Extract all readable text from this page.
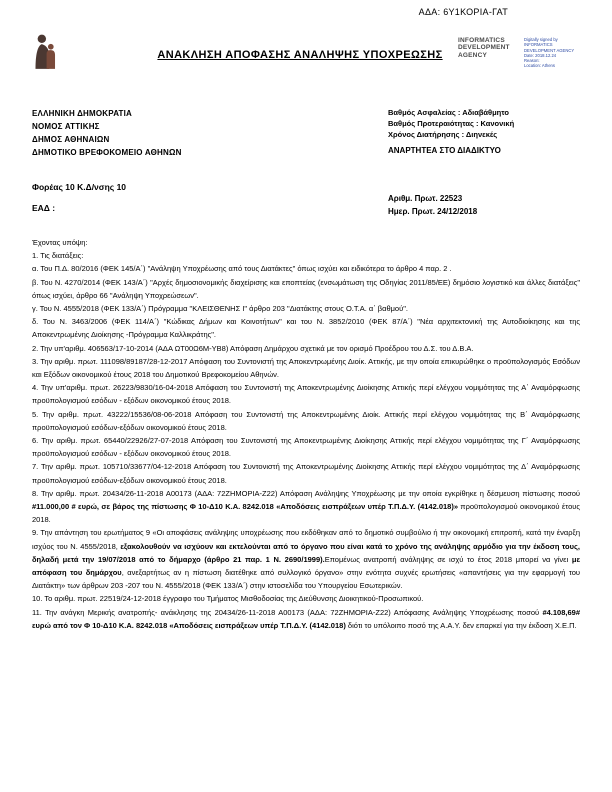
ΑΔΑ: 6Υ1ΚΟΡΙΑ-ΓΑΤ
ΑΝΑΚΛΗΣΗ ΑΠΟΦΑΣΗΣ ΑΝΑΛΗΨΗΣ ΥΠΟΧΡΕΩΣΗΣ
INFORMATICS DEVELOPMENT AGENCY
Digitally signed by
INFORMATICS
DEVELOPMENT AGENCY
Date: 2018.12.24
Reason:
Location: Athens
ΕΛΛΗΝΙΚΗ ΔΗΜΟΚΡΑΤΙΑ
ΝΟΜΟΣ ΑΤΤΙΚΗΣ
ΔΗΜΟΣ ΑΘΗΝΑΙΩΝ
ΔΗΜΟΤΙΚΟ ΒΡΕΦΟΚΟΜΕΙΟ ΑΘΗΝΩΝ
Βαθμός Ασφαλείας : Αδιαβάθμητο
Βαθμός Προτεραιότητας : Κανονική
Χρόνος Διατήρησης : Διηνεκές
ΑΝΑΡΤΗΤΕΑ ΣΤΟ ΔΙΑΔΙΚΤΥΟ
Φορέας 10 Κ.Δ/νσης 10
ΕΑΔ :
Αριθμ. Πρωτ. 22523
Ημερ. Πρωτ. 24/12/2018
Έχοντας υπόψη:
1. Τις διατάξεις:
α. Του Π.Δ. 80/2016 (ΦΕΚ 145/Α΄) "Ανάληψη Υποχρέωσης από τους Διατάκτες" όπως ισχύει και ειδικότερα το άρθρο 4 παρ. 2 .
β. Του Ν. 4270/2014 (ΦΕΚ 143/Α΄) "Αρχές δημοσιονομικής διαχείρισης και εποπτείας (ενσωμάτωση της Οδηγίας 2011/85/ΕΕ) δημόσιο λογιστικό και άλλες διατάξεις" όπως ισχύει, άρθρο 66 "Ανάληψη Υποχρεώσεων".
γ. Του Ν. 4555/2018 (ΦΕΚ 133/Α΄) Πρόγραμμα "ΚΛΕΙΣΘΕΝΗΣ Ι" άρθρο 203 "Διατάκτης στους Ο.Τ.Α. α΄ βαθμού".
δ. Του Ν. 3463/2006 (ΦΕΚ 114/Α΄) "Κώδικας Δήμων και Κοινοτήτων" και του Ν. 3852/2010 (ΦΕΚ 87/Α΄) "Νέα αρχιτεκτονική της Αυτοδιοίκησης και της Αποκεντρωμένης Διοίκησης -Πρόγραμμα Καλλικράτης".
2. Την υπ'αριθμ. 406563/17-10-2014 (ΑΔΑ ΩΤ00Ω6Μ-ΥΒ8) Απόφαση Δημάρχου σχετικά με τον ορισμό Προέδρου του Δ.Σ. του Δ.Β.Α.
3. Την αριθμ. πρωτ. 111098/89187/28-12-2017 Απόφαση του Συντονιστή της Αποκεντρωμένης Διοίκ. Αττικής, με την οποία επικυρώθηκε ο προϋπολογισμός Εσόδων και Εξόδων οικονομικού έτους 2018 του Δημοτικού Βρεφοκομείου Αθηνών.
4. Την υπ'αριθμ. πρωτ. 26223/9830/16-04-2018 Απόφαση του Συντονιστή της Αποκεντρωμένης Διοίκησης Αττικής περί ελέγχου νομιμότητας της Α΄ Αναμόρφωσης προϋπολογισμού εσόδων - εξόδων οικονομικού έτους 2018.
5. Την αριθμ. πρωτ. 43222/15536/08-06-2018 Απόφαση του Συντονιστή της Αποκεντρωμένης Διοίκ. Αττικής περί ελέγχου νομιμότητας της Β΄ Αναμόρφωσης προϋπολογισμού εσόδων-εξόδων οικονομικού έτους 2018.
6. Την αριθμ. πρωτ. 65440/22926/27-07-2018 Απόφαση του Συντονιστή της Αποκεντρωμένης Διοίκησης Αττικής περί ελέγχου νομιμότητας της Γ΄ Αναμόρφωσης προϋπολογισμού εσόδων - εξόδων οικονομικού έτους 2018.
7. Την αριθμ. πρωτ. 105710/33677/04-12-2018 Απόφαση του Συντονιστή της Αποκεντρωμένης Διοίκησης Αττικής περί ελέγχου νομιμότητας της Δ΄ Αναμόρφωσης προϋπολογισμού εσόδων-εξόδων οικονομικού έτους 2018.
8. Την αριθμ. πρωτ. 20434/26-11-2018 Α00173 (ΑΔΑ: 72ΖΗΜΟΡΙΑ-Ζ22) Απόφαση Ανάληψης Υποχρέωσης με την οποία εγκρίθηκε η δέσμευση πίστωσης ποσού #11.000,00 # ευρώ, σε βάρος της πίστωσης Φ 10-Δ10 Κ.Α. 8242.018 «Αποδόσεις εισπράξεων υπέρ Τ.Π.Δ.Υ. (4142.018)» προϋπολογισμού οικονομικού έτους 2018.
9. Την απάντηση του ερωτήματος 9 «Οι αποφάσεις ανάληψης υποχρέωσης που εκδόθηκαν από το δημοτικό συμβούλιο ή την οικονομική επιτροπή, κατά την έναρξη ισχύος του Ν. 4555/2018, εξακολουθούν να ισχύουν και εκτελούνται από το όργανο που είναι κατά το χρόνο της ανάληψης αρμόδιο για την έκδοση τους, δηλαδή μετά την 19/07/2018 από το δήμαρχο (άρθρο 21 παρ. 1 Ν. 2690/1999).Επομένως ανατροπή ανάληψης σε ισχύ το έτος 2018 μπορεί να γίνει με απόφαση του δημάρχου, ανεξαρτήτως αν η πίστωση διατέθηκε από συλλογικό όργανο» στην ενότητα συχνές ερωτήσεις «απαντήσεις για την εφαρμογή του Διατάκτη» των άρθρων 203 -207 του Ν. 4555/2018 (ΦΕΚ 133/Α΄) στην ιστοσελίδα του Υπουργείου Εσωτερικών.
10. Το αριθμ. πρωτ. 22519/24-12-2018 έγγραφο του Τμήματος Μισθοδοσίας της Διεύθυνσης Διοικητικού-Προσωπικού.
11. Την ανάγκη Μερικής ανατροπής- ανάκλησης της 20434/26-11-2018 Α00173 (ΑΔΑ: 72ΖΗΜΟΡΙΑ-Ζ22) Απόφασης Ανάληψης Υποχρέωσης ποσού #4.108,69# ευρώ από τον Φ 10-Δ10 Κ.Α. 8242.018 «Αποδόσεις εισπράξεων υπέρ Τ.Π.Δ.Υ. (4142.018) διότι το υπόλοιπο ποσό της Α.Α.Υ. δεν επαρκεί για την έκδοση Χ.Ε.Π.
